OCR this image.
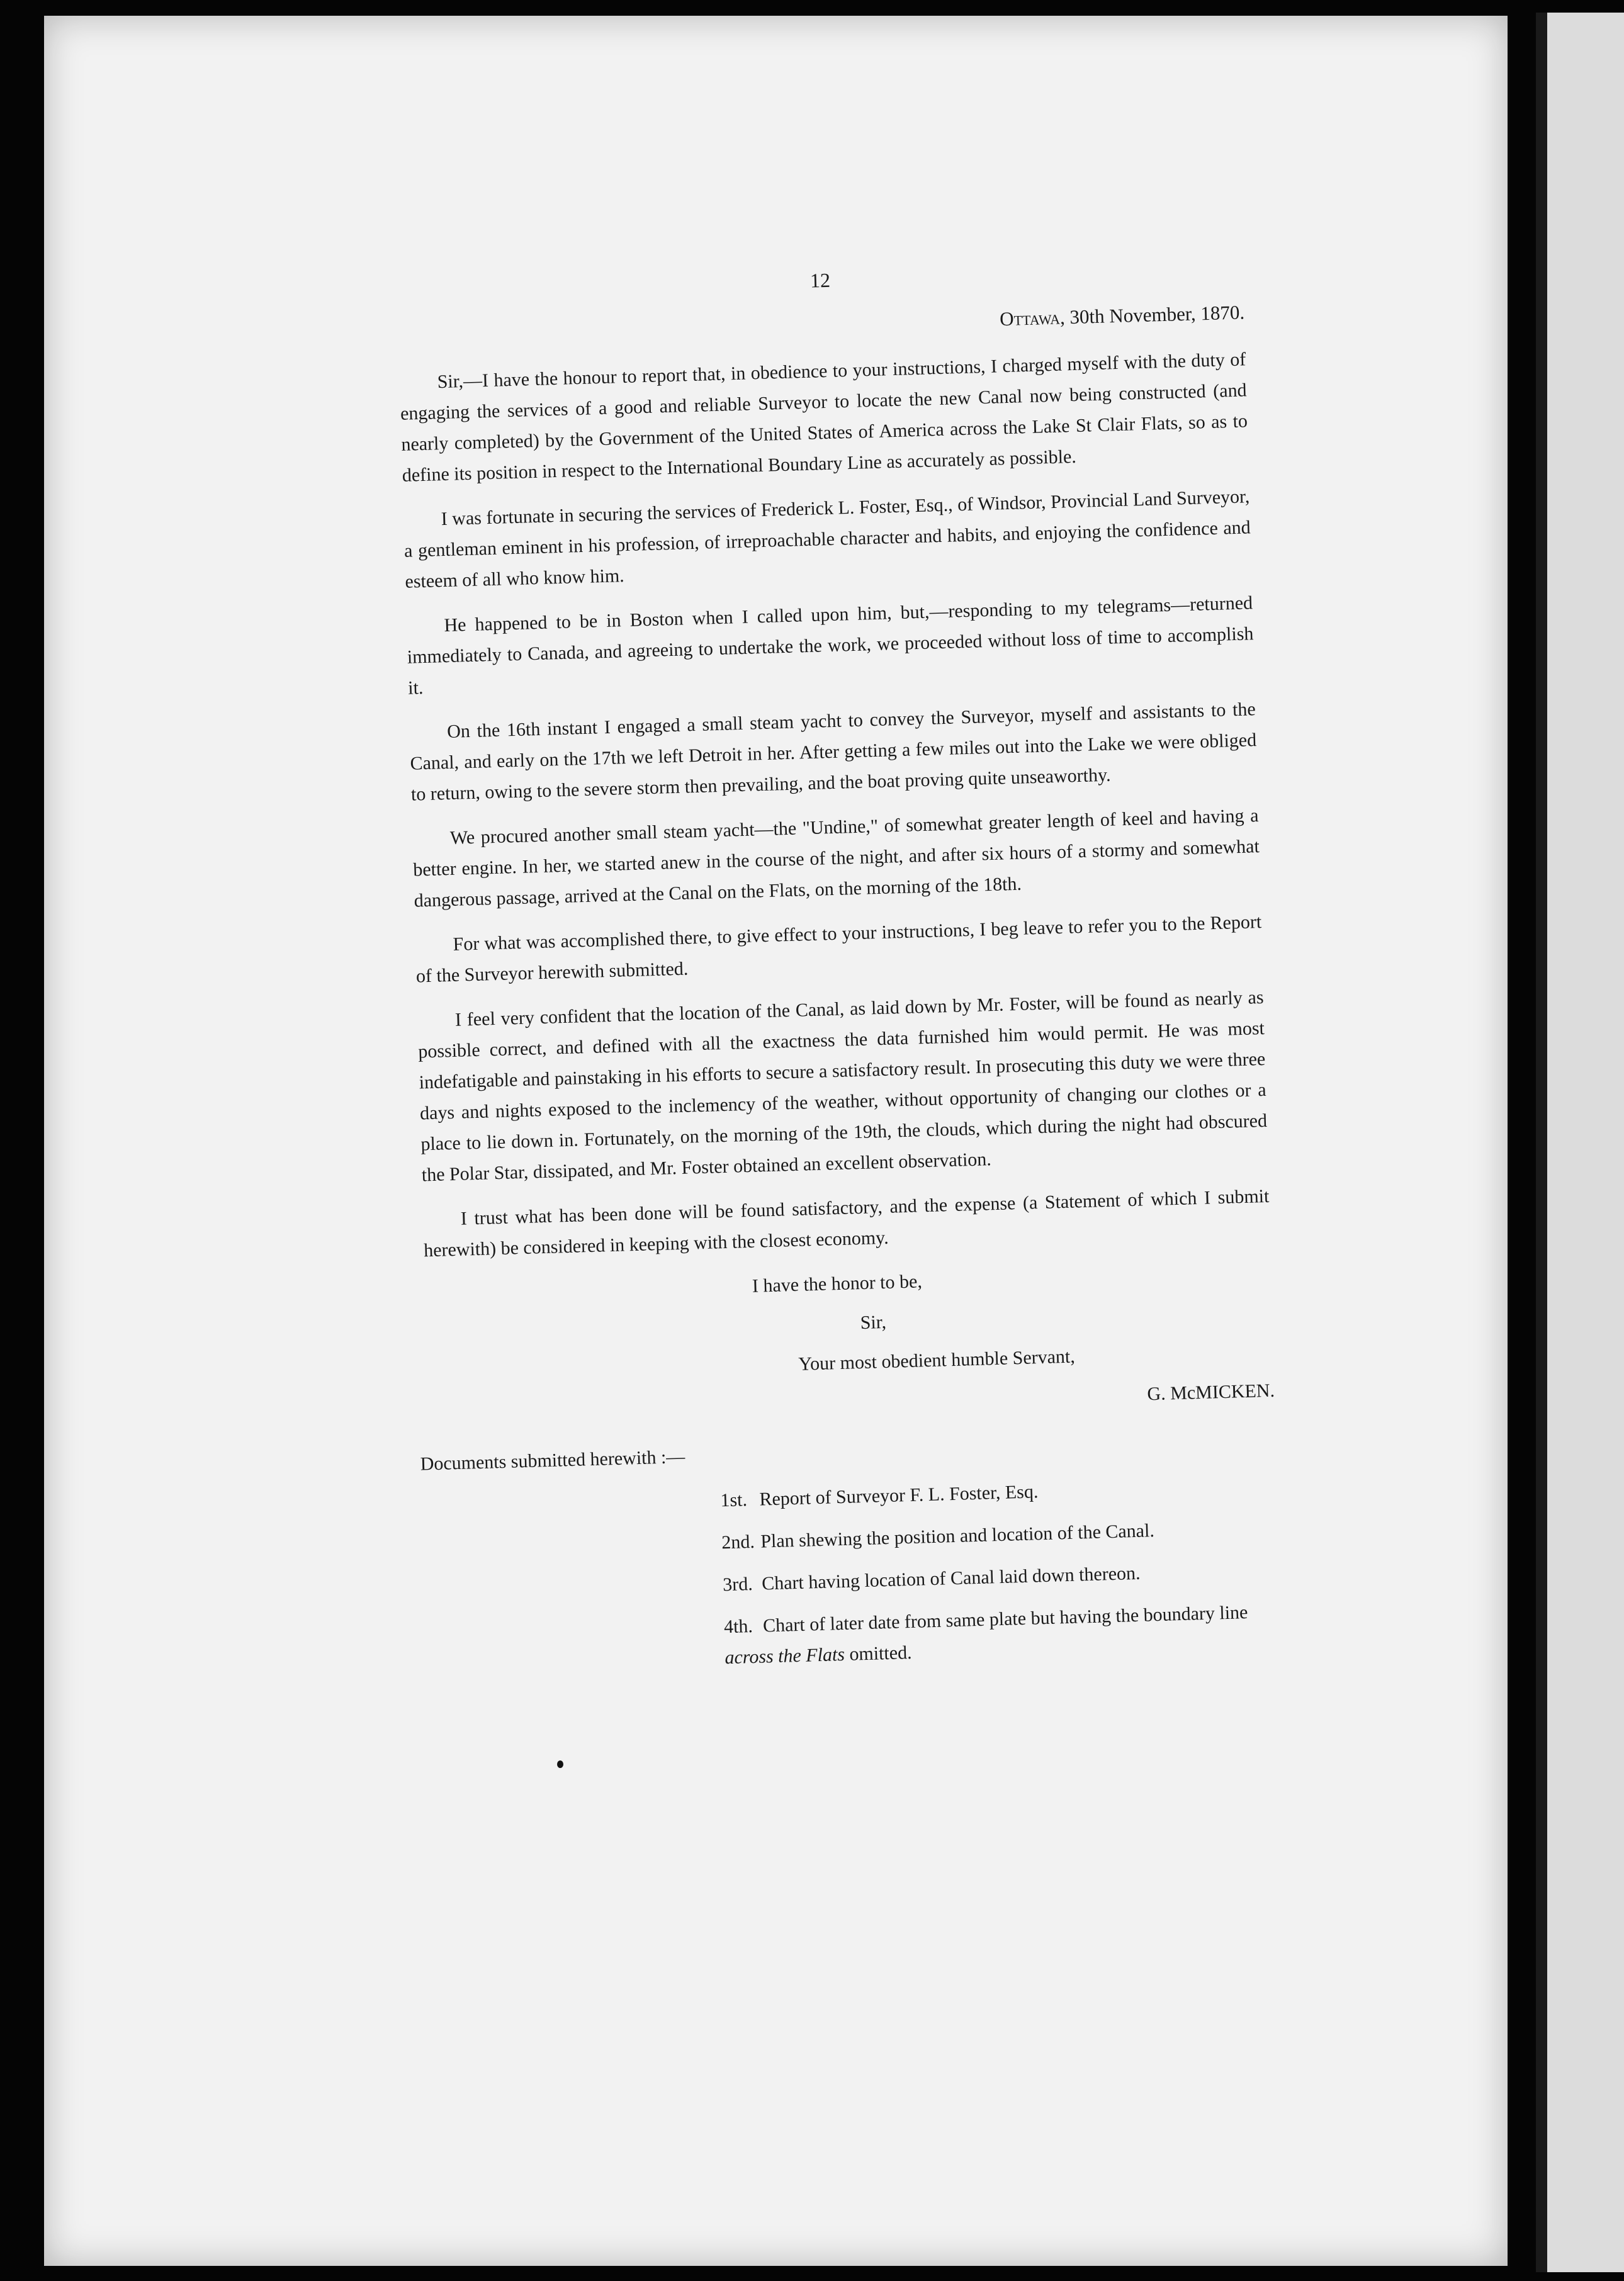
12
Ottawa, 30th November, 1870.

Sir,—I have the honour to report that, in obedience to your instructions, I charged myself with the duty of engaging the services of a good and reliable Surveyor to locate the new Canal now being constructed (and nearly completed) by the Government of the United States of America across the Lake St Clair Flats, so as to define its position in respect to the International Boundary Line as accurately as possible.

I was fortunate in securing the services of Frederick L. Foster, Esq., of Windsor, Provincial Land Surveyor, a gentleman eminent in his profession, of irreproachable character and habits, and enjoying the confidence and esteem of all who know him.

He happened to be in Boston when I called upon him, but,—responding to my telegrams—returned immediately to Canada, and agreeing to undertake the work, we proceeded without loss of time to accomplish it.

On the 16th instant I engaged a small steam yacht to convey the Surveyor, myself and assistants to the Canal, and early on the 17th we left Detroit in her. After getting a few miles out into the Lake we were obliged to return, owing to the severe storm then prevailing, and the boat proving quite unseaworthy.

We procured another small steam yacht—the "Undine," of somewhat greater length of keel and having a better engine. In her, we started anew in the course of the night, and after six hours of a stormy and somewhat dangerous passage, arrived at the Canal on the Flats, on the morning of the 18th.

For what was accomplished there, to give effect to your instructions, I beg leave to refer you to the Report of the Surveyor herewith submitted.

I feel very confident that the location of the Canal, as laid down by Mr. Foster, will be found as nearly as possible correct, and defined with all the exactness the data furnished him would permit. He was most indefatigable and painstaking in his efforts to secure a satisfactory result. In prosecuting this duty we were three days and nights exposed to the inclemency of the weather, without opportunity of changing our clothes or a place to lie down in. Fortunately, on the morning of the 19th, the clouds, which during the night had obscured the Polar Star, dissipated, and Mr. Foster obtained an excellent observation.

I trust what has been done will be found satisfactory, and the expense (a Statement of which I submit herewith) be considered in keeping with the closest economy.

I have the honor to be,
Sir,
Your most obedient humble Servant,
G. McMICKEN.
Documents submitted herewith :—
1st. Report of Surveyor F. L. Foster, Esq.
2nd. Plan shewing the position and location of the Canal.
3rd. Chart having location of Canal laid down thereon.
4th. Chart of later date from same plate but having the boundary line across the Flats omitted.
